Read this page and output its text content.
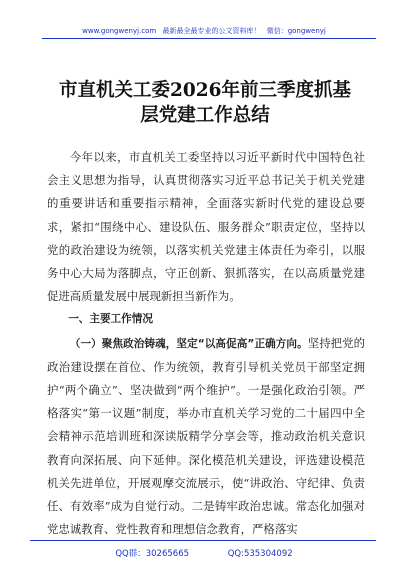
www.gongwenyj.com 最新最全最专业的公文资料库！ 微信：gongwenyj
市直机关工委2026年前三季度抓基层党建工作总结

今年以来，市直机关工委坚持以习近平新时代中国特色社会主义思想为指导，认真贯彻落实习近平总书记关于机关党建的重要讲话和重要指示精神，全面落实新时代党的建设总要求，紧扣“围绕中心、建设队伍、服务群众”职责定位，坚持以党的政治建设为统领，以落实机关党建主体责任为牵引，以服务中心大局为落脚点，守正创新、狠抓落实，在以高质量党建促进高质量发展中展现新担当新作为。

一、主要工作情况

（一）聚焦政治铸魂，坚定“以高促高”正确方向。坚持把党的政治建设摆在首位、作为统领，教育引导机关党员干部坚定拥护“两个确立”、坚决做到“两个维护”。一是强化政治引领。严格落实“第一议题”制度，举办市直机关学习党的二十届四中全会精神示范培训班和深读版精学分享会等，推动政治机关意识教育向深拓展、向下延伸。深化模范机关建设，评选建设模范机关先进单位，开展观摩交流展示，使“讲政治、守纪律、负责任、有效率”成为自觉行动。二是铸牢政治忠诚。常态化加强对党忠诚教育、党性教育和理想信念教育，严格落实

QQ群：30265665	QQ:535304092
